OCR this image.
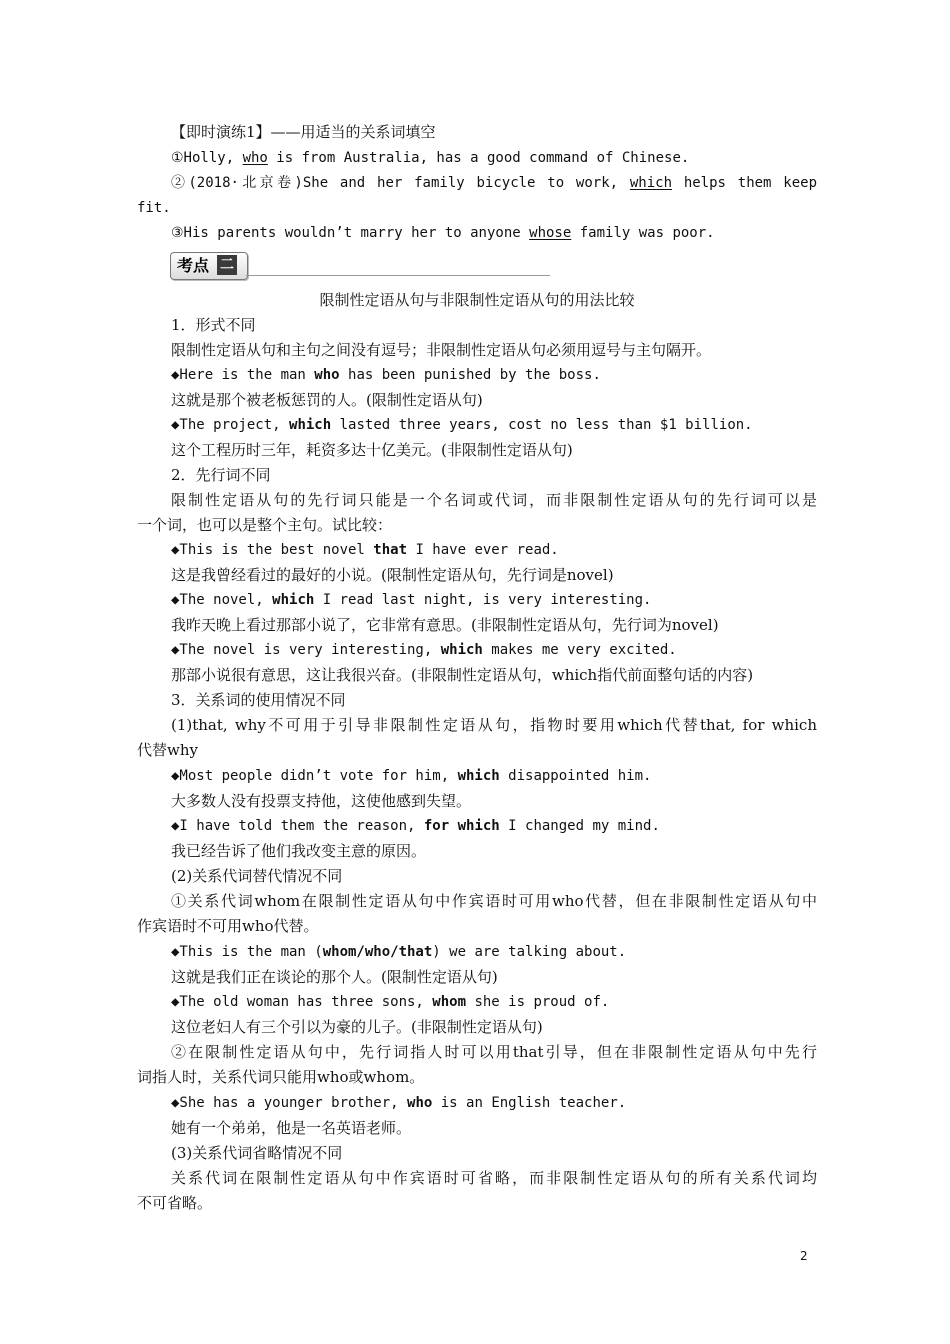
【即时演练1】——用适当的关系词填空
①Holly, who is from Australia, has a good command of Chinese.
②(2018·北京卷)She and her family bicycle to work, which helps them keep
fit.
③His parents wouldn’t marry her to anyone whose family was poor.
考点 二
限制性定语从句与非限制性定语从句的用法比较
1．形式不同
限制性定语从句和主句之间没有逗号；非限制性定语从句必须用逗号与主句隔开。
◆Here is the man who has been punished by the boss.
这就是那个被老板惩罚的人。(限制性定语从句)
◆The project, which lasted three years, cost no less than $1 billion.
这个工程历时三年，耗资多达十亿美元。(非限制性定语从句)
2．先行词不同
限制性定语从句的先行词只能是一个名词或代词，而非限制性定语从句的先行词可以是
一个词，也可以是整个主句。试比较：
◆This is the best novel that I have ever read.
这是我曾经看过的最好的小说。(限制性定语从句，先行词是novel)
◆The novel, which I read last night, is very interesting.
我昨天晚上看过那部小说了，它非常有意思。(非限制性定语从句，先行词为novel)
◆The novel is very interesting, which makes me very excited.
那部小说很有意思，这让我很兴奋。(非限制性定语从句，which指代前面整句话的内容)
3．关系词的使用情况不同
(1)that, why不可用于引导非限制性定语从句，指物时要用which代替that, for which
代替why
◆Most people didn’t vote for him, which disappointed him.
大多数人没有投票支持他，这使他感到失望。
◆I have told them the reason, for which I changed my mind.
我已经告诉了他们我改变主意的原因。
(2)关系代词替代情况不同
①关系代词whom在限制性定语从句中作宾语时可用who代替，但在非限制性定语从句中
作宾语时不可用who代替。
◆This is the man (whom/who/that) we are talking about.
这就是我们正在谈论的那个人。(限制性定语从句)
◆The old woman has three sons, whom she is proud of.
这位老妇人有三个引以为豪的儿子。(非限制性定语从句)
②在限制性定语从句中，先行词指人时可以用that引导，但在非限制性定语从句中先行
词指人时，关系代词只能用who或whom。
◆She has a younger brother, who is an English teacher.
她有一个弟弟，他是一名英语老师。
(3)关系代词省略情况不同
关系代词在限制性定语从句中作宾语时可省略，而非限制性定语从句的所有关系代词均
不可省略。
2
